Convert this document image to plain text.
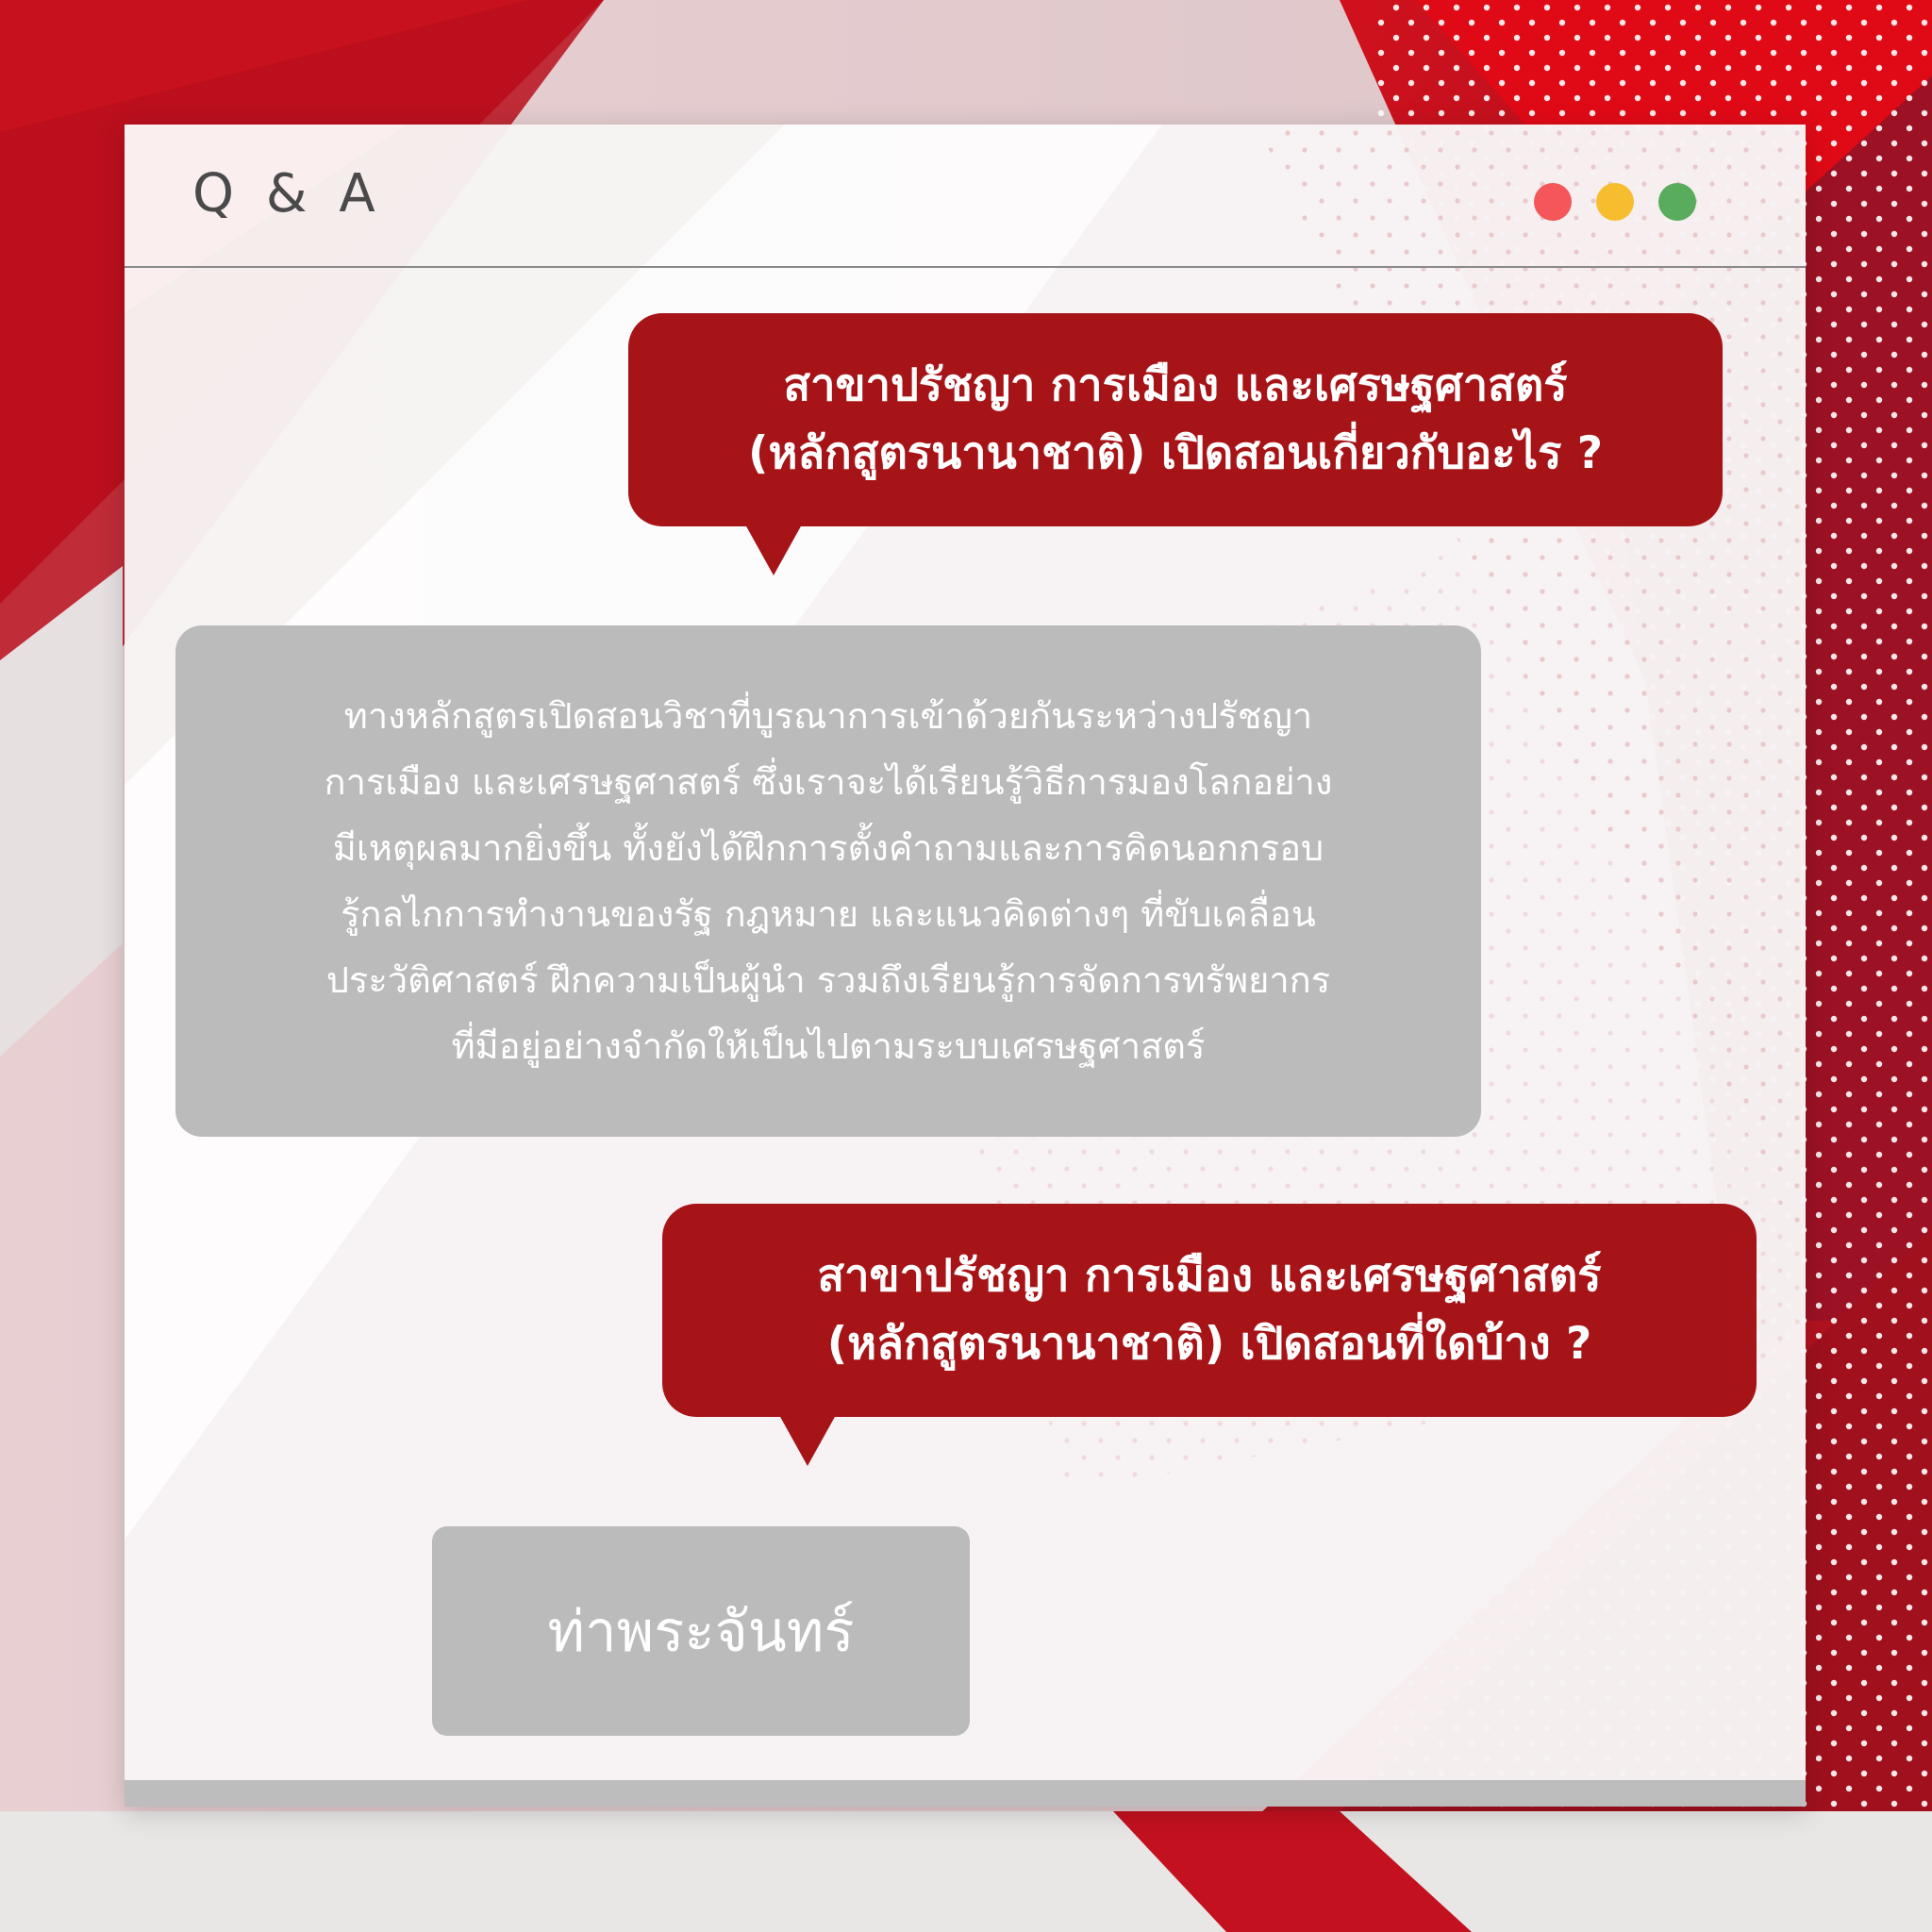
Q & A
สาขาปรัชญา การเมือง และเศรษฐศาสตร์
(หลักสูตรนานาชาติ) เปิดสอนเกี่ยวกับอะไร ?
ทางหลักสูตรเปิดสอนวิชาที่บูรณาการเข้าด้วยกันระหว่างปรัชญา
การเมือง และเศรษฐศาสตร์ ซึ่งเราจะได้เรียนรู้วิธีการมองโลกอย่าง
มีเหตุผลมากยิ่งขึ้น ทั้งยังได้ฝึกการตั้งคำถามและการคิดนอกกรอบ
รู้กลไกการทำงานของรัฐ กฎหมาย และแนวคิดต่างๆ ที่ขับเคลื่อน
ประวัติศาสตร์ ฝึกความเป็นผู้นำ รวมถึงเรียนรู้การจัดการทรัพยากร
ที่มีอยู่อย่างจำกัดให้เป็นไปตามระบบเศรษฐศาสตร์
สาขาปรัชญา การเมือง และเศรษฐศาสตร์
(หลักสูตรนานาชาติ) เปิดสอนที่ใดบ้าง ?
ท่าพระจันทร์
